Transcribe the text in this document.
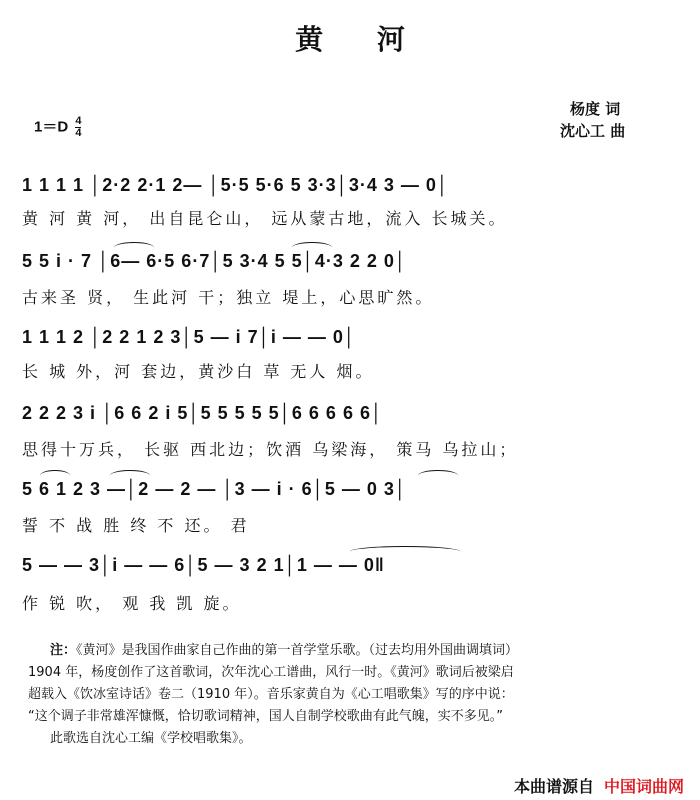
黄 河
$1=D \frac{4}{4}$
杨度 词
沈心工 曲
1 1 1 1 │2·2 2·1 2— │5·5 5·6 5 3·3│3·4 3 — 0│
黄 河 黄 河， 出自昆仑山， 远从蒙古地，流入 长城关。
5 5 i · 7 │6— 6·5 6·7│5 3·4 5 5│4·3 2 2 0│
古来圣 贤， 生此河 干；独立 堤上，心思旷然。
1 1 1 2 │2 2 1 2 3│5 — i 7│i — — 0│
长 城 外，河 套边，黄沙白 草 无人 烟。
2 2 2 3 i │6 6 2 i 5│5 5 5 5 5│6 6 6 6 6│
思得十万兵， 长驱 西北边；饮酒 乌梁海， 策马 乌拉山；
5 6 1 2 3 —│2 — 2 — │3 — i · 6│5 — 0 3│
誓 不 战 胜 终 不 还。 君
5 — — 3│i — — 6│5 — 3 2 1│1 — — 0‖
作 锐 吹， 观 我 凯 旋。

注：《黄河》是我国作曲家自己作曲的第一首学堂乐歌。（过去均用外国曲调填词）

1904 年，杨度创作了这首歌词，次年沈心工谱曲，风行一时。《黄河》歌词后被梁启

超载入《饮冰室诗话》卷二（1910 年）。音乐家黄自为《心工唱歌集》写的序中说：

“这个调子非常雄浑慷慨，恰切歌词精神，国人自制学校歌曲有此气魄，实不多见。”

此歌选自沈心工编《学校唱歌集》。

本曲谱源自 中国词曲网
